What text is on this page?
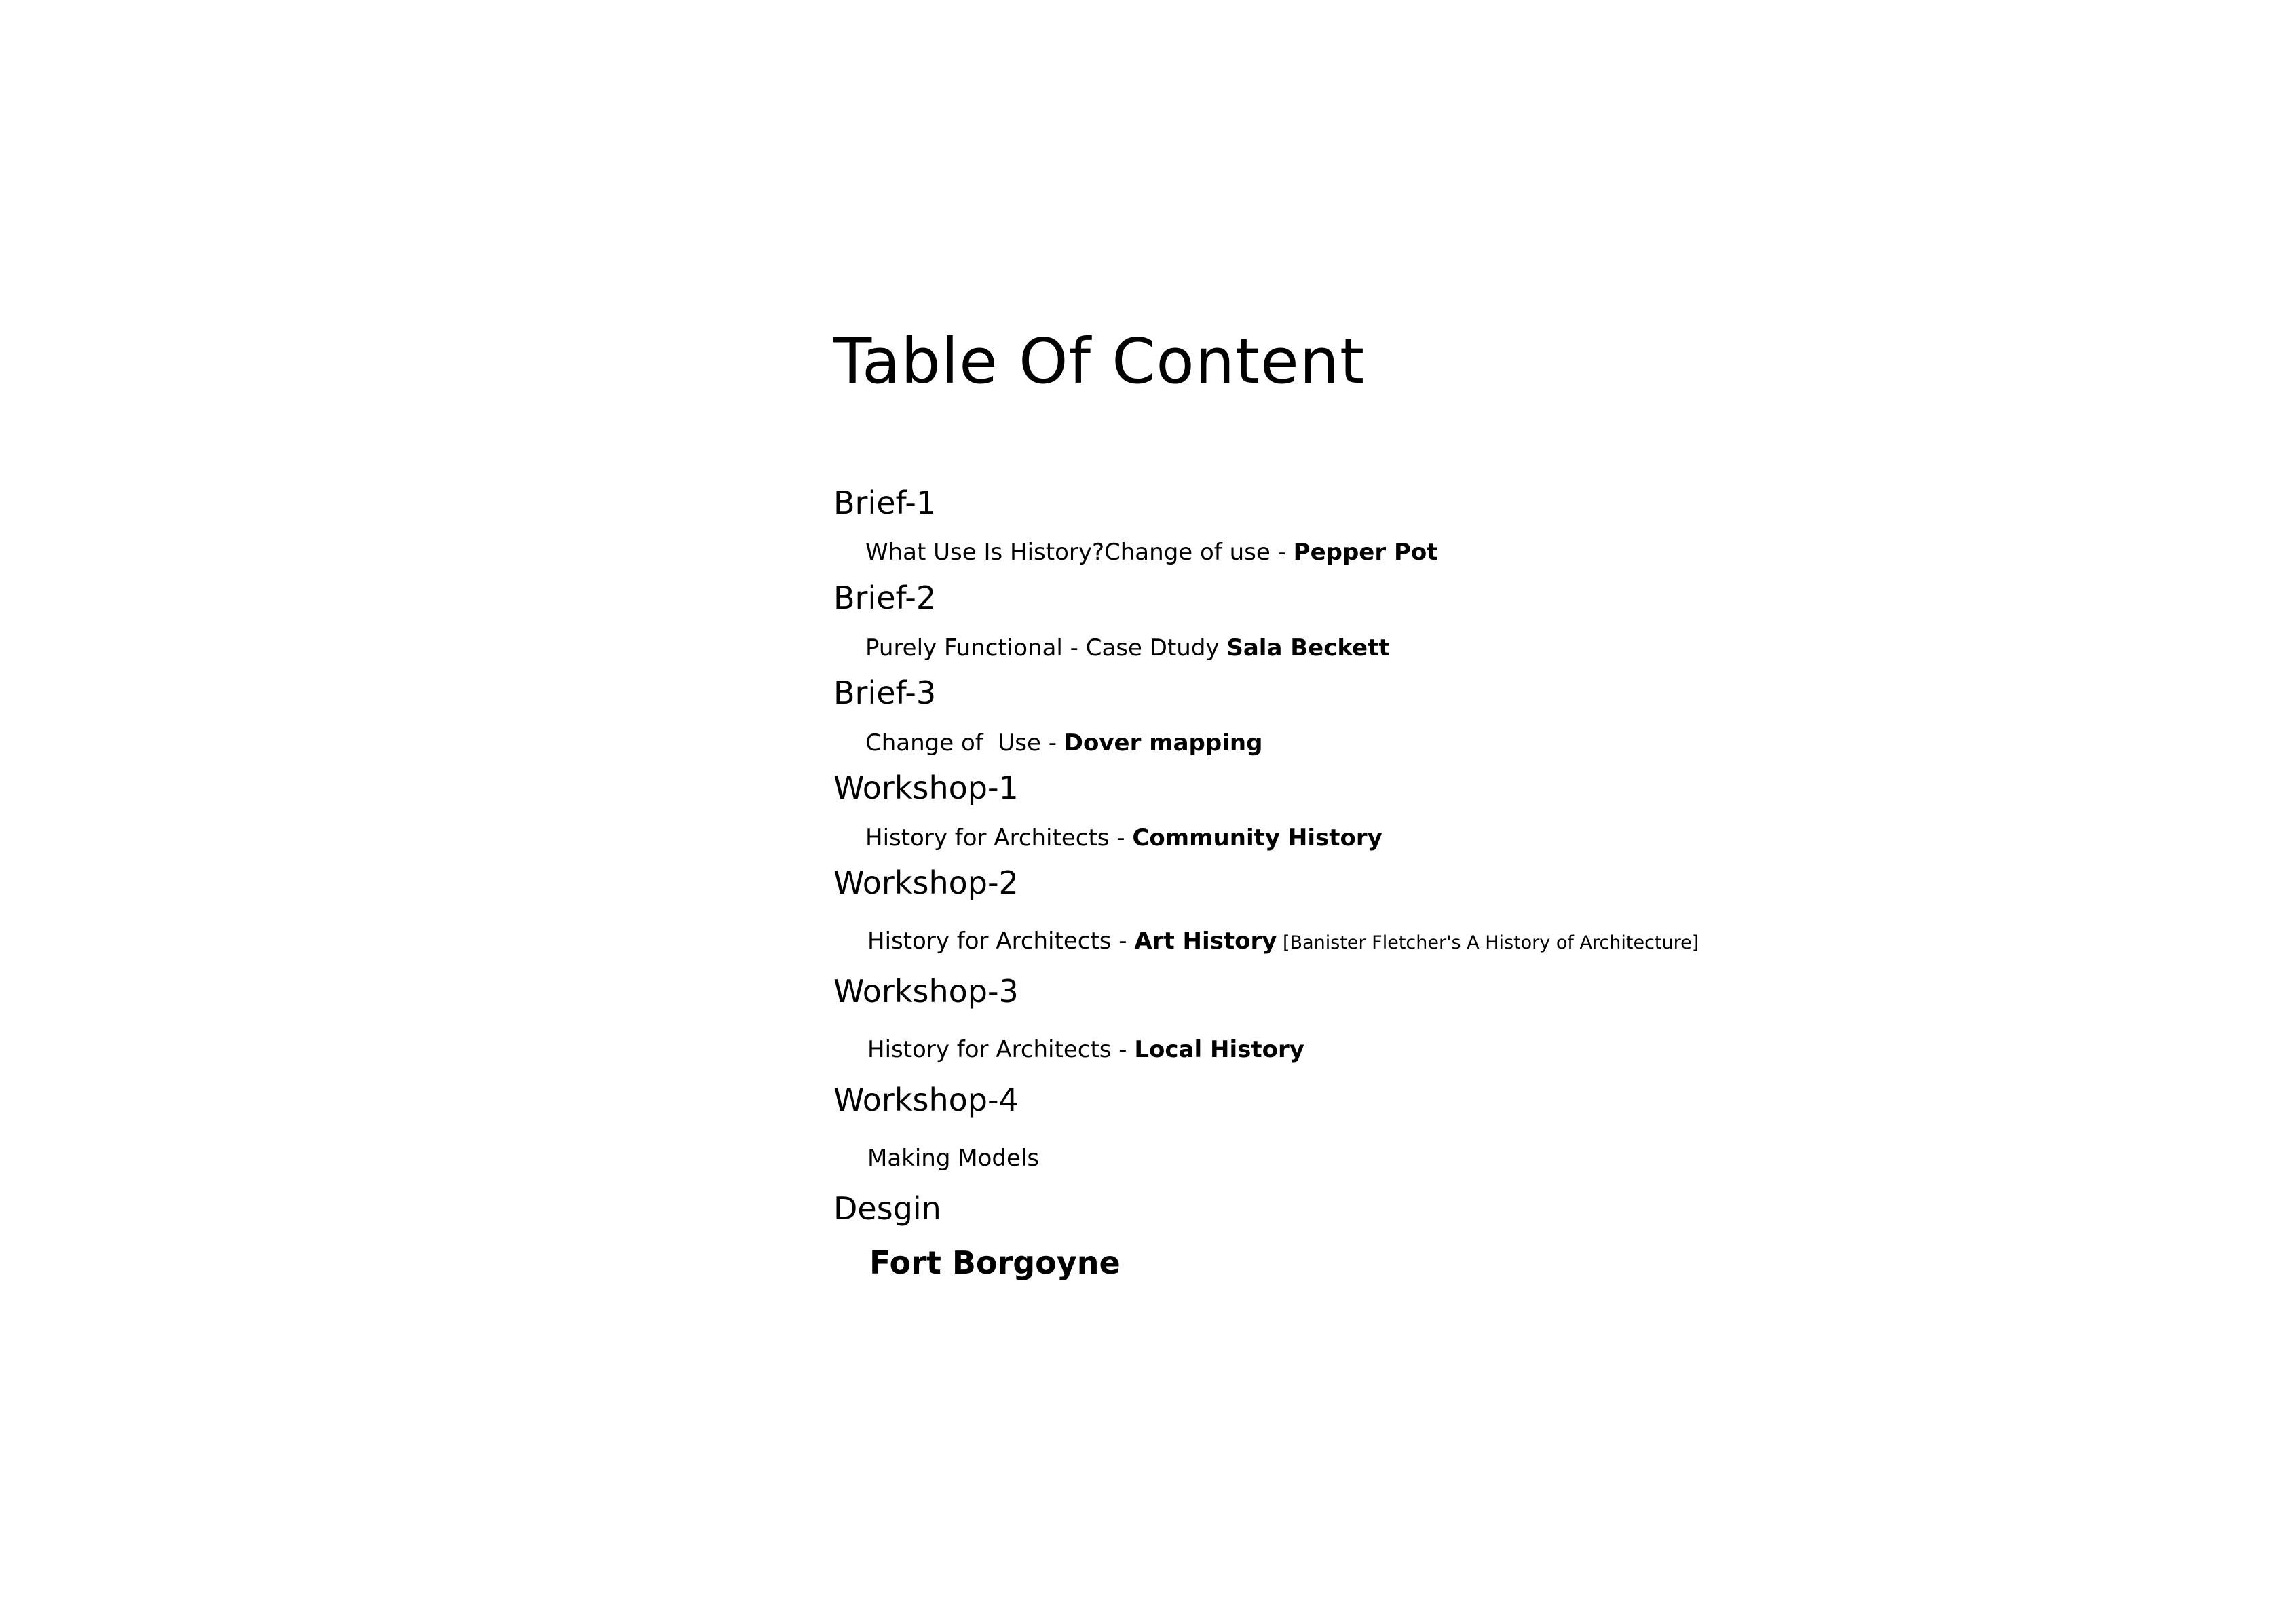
Table Of Content
Brief-1
What Use Is History?Change of use - Pepper Pot
Brief-2
Purely Functional - Case Dtudy Sala Beckett
Brief-3
Change of  Use - Dover mapping
Workshop-1
History for Architects - Community History
Workshop-2
History for Architects - Art History [Banister Fletcher's A History of Architecture]
Workshop-3
History for Architects - Local History
Workshop-4
Making Models
Desgin
Fort Borgoyne
